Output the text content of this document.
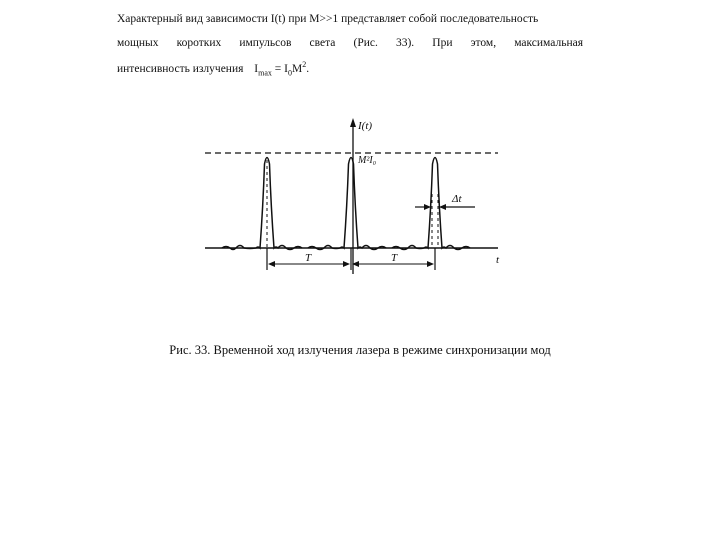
Характерный вид зависимости I(t) при M>>1 представляет собой последовательность
мощных коротких импульсов света (Рис. 33). При этом, максимальная
интенсивность излучения $I_{max} = I_0M^2$.
I(t)
t
M²I₀
Δt
T	T
Рис. 33. Временной ход излучения лазера в режиме синхронизации мод
